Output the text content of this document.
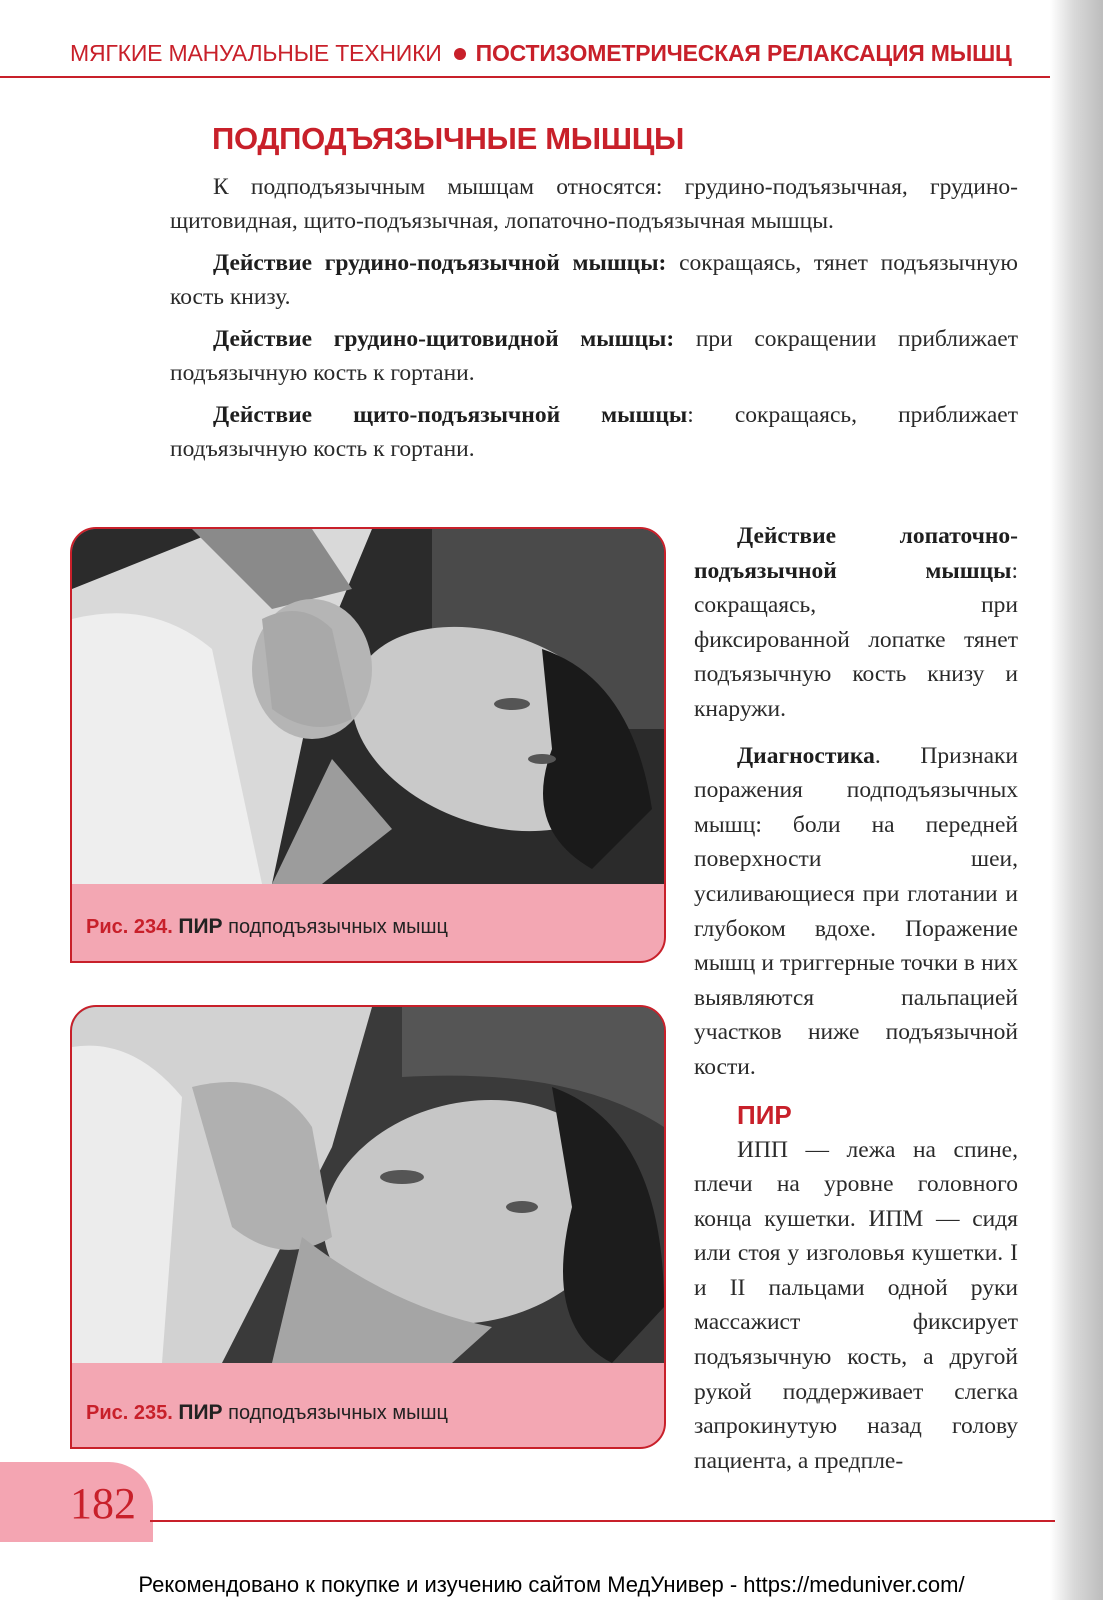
МЯГКИЕ МАНУАЛЬНЫЕ ТЕХНИКИ ПОСТИЗОМЕТРИЧЕСКАЯ РЕЛАКСАЦИЯ МЫШЦ
ПОДПОДЪЯЗЫЧНЫЕ МЫШЦЫ

К подподъязычным мышцам относятся: грудино-подъязычная, грудино-щитовидная, щито-подъязычная, лопаточно-подъязычная мышцы.

Действие грудино-подъязычной мышцы: сокращаясь, тянет подъязычную кость книзу.

Действие грудино-щитовидной мышцы: при сокращении приближает подъязычную кость к гортани.

Действие щито-подъязычной мышцы: сокращаясь, приближает подъязычную кость к гортани.

Рис. 234. ПИР подподъязычных мышц
Рис. 235. ПИР подподъязычных мышц

Действие лопаточно-подъязычной мышцы: сокращаясь, при фиксированной лопатке тянет подъязычную кость книзу и кнаружи.

Диагностика. Признаки поражения подподъязычных мышц: боли на передней поверхности шеи, усиливающиеся при глотании и глубоком вдохе. Поражение мышц и триггерные точки в них выявляются пальпацией участков ниже подъязычной кости.

ПИР

ИПП — лежа на спине, плечи на уровне головного конца кушетки. ИПМ — сидя или стоя у изголовья кушетки. I и II пальцами одной руки массажист фиксирует подъязычную кость, а другой рукой поддерживает слегка запрокинутую назад голову пациента, а предпле-

182
Рекомендовано к покупке и изучению сайтом МедУнивер - https://meduniver.com/
